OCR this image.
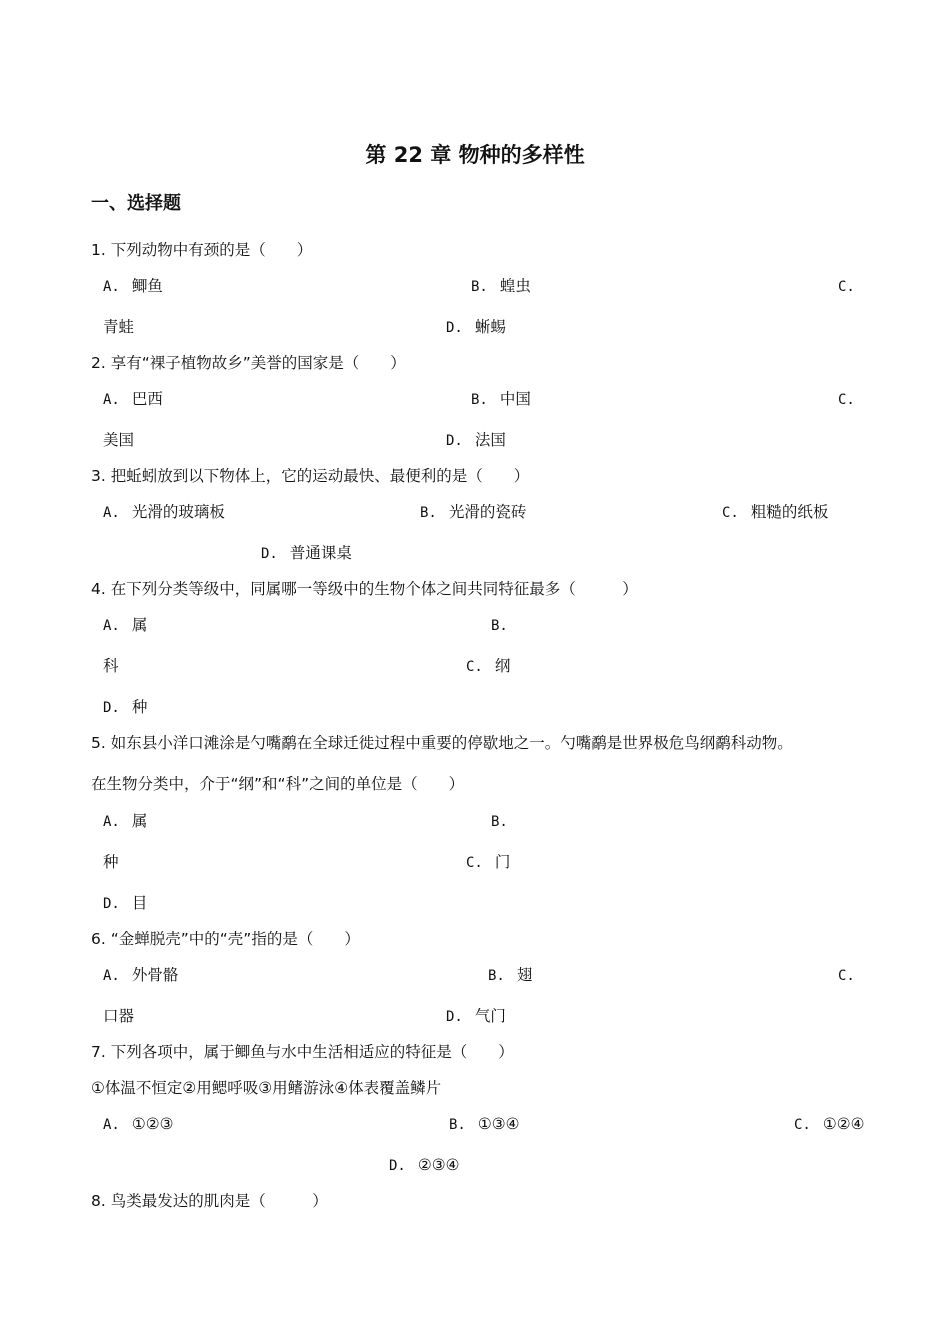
第 22 章 物种的多样性
一、选择题
1. 下列动物中有颈的是（　　）
A. 鲫鱼	B. 蝗虫	C.
青蛙	D. 蜥蜴
2. 享有“裸子植物故乡”美誉的国家是（　　）
A. 巴西	B. 中国	C.
美国	D. 法国
3. 把蚯蚓放到以下物体上，它的运动最快、最便利的是（　　）
A. 光滑的玻璃板	B. 光滑的瓷砖	C. 粗糙的纸板
D. 普通课桌
4. 在下列分类等级中，同属哪一等级中的生物个体之间共同特征最多（　　　）
A. 属	B.
科	C. 纲
D. 种
5. 如东县小洋口滩涂是勺嘴鹬在全球迁徙过程中重要的停歇地之一。勺嘴鹬是世界极危鸟纲鹬科动物。
在生物分类中，介于“纲”和“科”之间的单位是（　　）
A. 属	B.
种	C. 门
D. 目
6. “金蝉脱壳”中的“壳”指的是（　　）
A. 外骨骼	B. 翅	C.
口器	D. 气门
7. 下列各项中，属于鲫鱼与水中生活相适应的特征是（　　）
①体温不恒定②用鳃呼吸③用鳍游泳④体表覆盖鳞片
A. ①②③	B. ①③④	C. ①②④
D. ②③④
8. 鸟类最发达的肌肉是（　　　）
